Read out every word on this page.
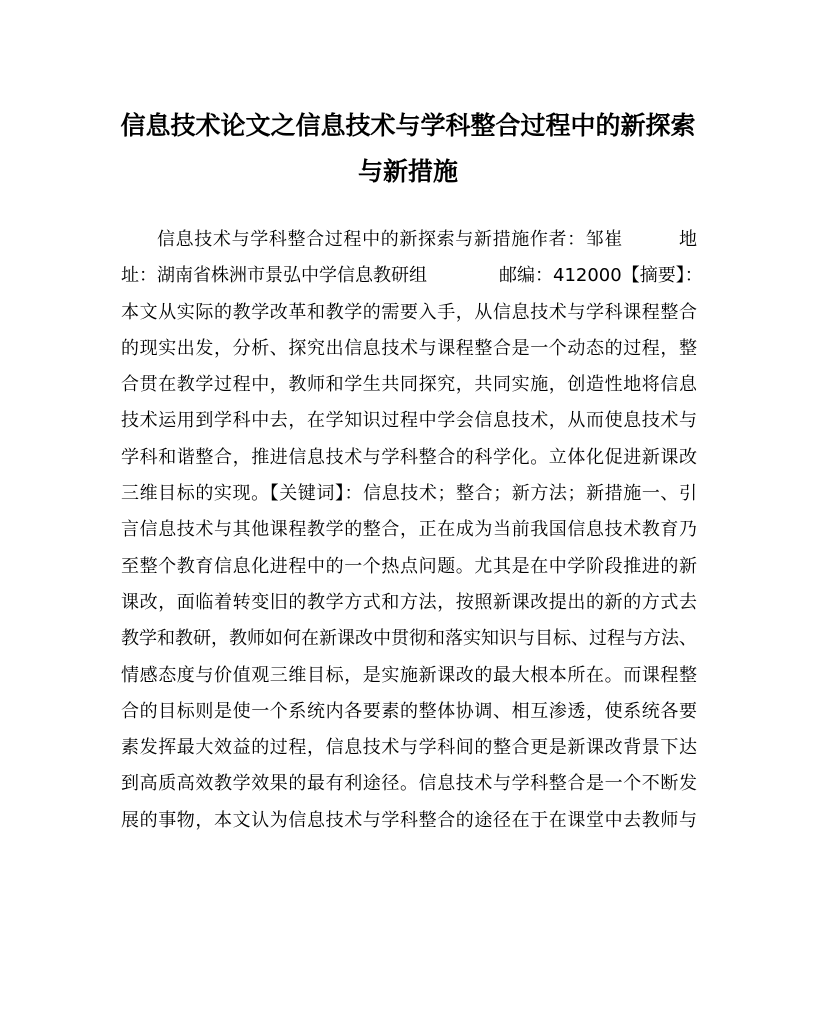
信息技术论文之信息技术与学科整合过程中的新探索
与新措施
信息技术与学科整合过程中的新探索与新措施作者：邹崔　　　地
址：湖南省株洲市景弘中学信息教研组　　　　邮编：412000【摘要】：
本文从实际的教学改革和教学的需要入手，从信息技术与学科课程整合
的现实出发，分析、探究出信息技术与课程整合是一个动态的过程，整
合贯在教学过程中，教师和学生共同探究，共同实施，创造性地将信息
技术运用到学科中去，在学知识过程中学会信息技术，从而使息技术与
学科和谐整合，推进信息技术与学科整合的科学化。立体化促进新课改
三维目标的实现。【关键词】：信息技术；整合；新方法；新措施一、引
言信息技术与其他课程教学的整合，正在成为当前我国信息技术教育乃
至整个教育信息化进程中的一个热点问题。尤其是在中学阶段推进的新
课改，面临着转变旧的教学方式和方法，按照新课改提出的新的方式去
教学和教研，教师如何在新课改中贯彻和落实知识与目标、过程与方法、
情感态度与价值观三维目标，是实施新课改的最大根本所在。而课程整
合的目标则是使一个系统内各要素的整体协调、相互渗透，使系统各要
素发挥最大效益的过程，信息技术与学科间的整合更是新课改背景下达
到高质高效教学效果的最有利途径。信息技术与学科整合是一个不断发
展的事物，本文认为信息技术与学科整合的途径在于在课堂中去教师与
